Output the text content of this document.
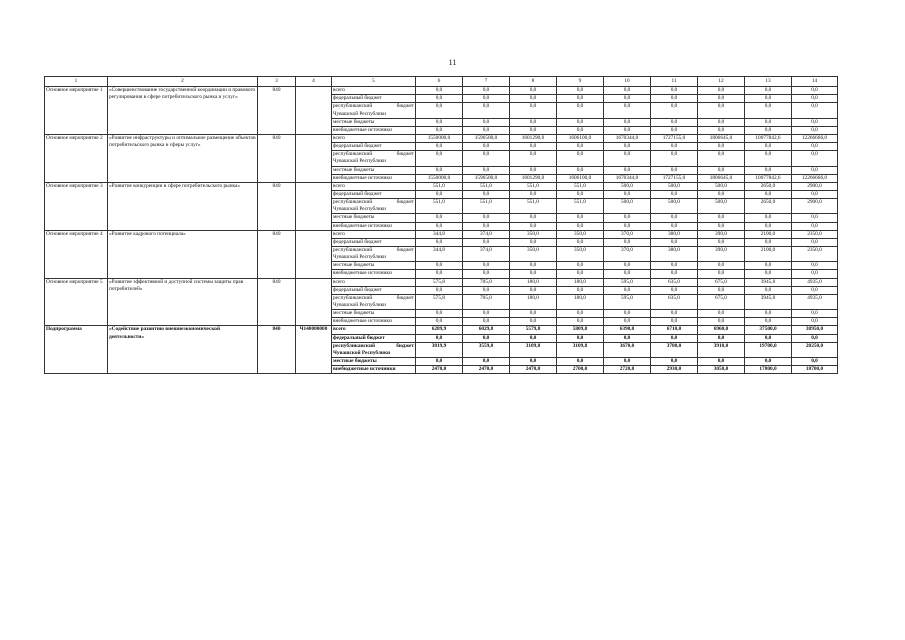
11
1	2	3	4	5	6	7	8	9	10	11	12	13	14
Основное мероприятие 1	«Совершенствование государственной координации и правового регулирования в сфере потребительского рынка и услуг»	840		всего	0,0	0,0	0,0	0,0	0,0	0,0	0,0	0,0	0,0
				федеральный бюджет	0,0	0,0	0,0	0,0	0,0	0,0	0,0	0,0	0,0
				республиканский бюджет Чувашской Республики	0,0	0,0	0,0	0,0	0,0	0,0	0,0	0,0	0,0
				местные бюджеты	0,0	0,0	0,0	0,0	0,0	0,0	0,0	0,0	0,0
				внебюджетные источники	0,0	0,0	0,0	0,0	0,0	0,0	0,0	0,0	0,0
Основное мероприятие 2	«Развитие инфраструктуры и оптимальное размещение объектов потребительского рынка и сферы услуг»	840		всего	1550000,0	1596500,0	1601290,0	1606100,0	1670344,0	1727155,0	1806645,0	10077842,6	12266666,0
				федеральный бюджет	0,0	0,0	0,0	0,0	0,0	0,0	0,0	0,0	0,0
				республиканский бюджет Чувашской Республики	0,0	0,0	0,0	0,0	0,0	0,0	0,0	0,0	0,0
				местные бюджеты	0,0	0,0	0,0	0,0	0,0	0,0	0,0	0,0	0,0
				внебюджетные источники	1550000,0	1596500,0	1601290,0	1606100,0	1670344,0	1727155,0	1806645,0	10077842,6	12266666,0
Основное мероприятие 3	«Развитие конкуренции в сфере потребительского рынка»	840		всего	551,0	551,0	551,0	551,0	500,0	500,0	500,0	2650,0	2900,0
				федеральный бюджет	0,0	0,0	0,0	0,0	0,0	0,0	0,0	0,0	0,0
				республиканский бюджет Чувашской Республики	551,0	551,0	551,0	551,0	500,0	500,0	500,0	2650,0	2900,0
				местные бюджеты	0,0	0,0	0,0	0,0	0,0	0,0	0,0	0,0	0,0
				внебюджетные источники	0,0	0,0	0,0	0,0	0,0	0,0	0,0	0,0	0,0
Основное мероприятие 4	«Развитие кадрового потенциала»	840		всего	344,8	374,0	350,0	350,0	370,0	380,0	390,0	2100,0	2350,0
				федеральный бюджет	0,0	0,0	0,0	0,0	0,0	0,0	0,0	0,0	0,0
				республиканский бюджет Чувашской Республики	344,8	374,0	350,0	350,0	370,0	380,0	390,0	2100,0	2350,0
				местные бюджеты	0,0	0,0	0,0	0,0	0,0	0,0	0,0	0,0	0,0
				внебюджетные источники	0,0	0,0	0,0	0,0	0,0	0,0	0,0	0,0	0,0
Основное мероприятие 5	«Развитие эффективной и доступной системы защиты прав потребителей»	840		всего	575,8	705,0	180,0	180,0	595,0	635,0	675,0	3945,0	4935,0
				федеральный бюджет	0,0	0,0	0,0	0,0	0,0	0,0	0,0	0,0	0,0
				республиканский бюджет Чувашской Республики	575,8	705,0	180,0	180,0	595,0	635,0	675,0	3945,0	4935,0
				местные бюджеты	0,0	0,0	0,0	0,0	0,0	0,0	0,0	0,0	0,0
				внебюджетные источники	0,0	0,0	0,0	0,0	0,0	0,0	0,0	0,0	0,0
Подпрограмма	«Содействие развитию внешнеэкономической деятельности»	840	Ч140000000	всего	6289,9	6029,8	5579,8	5809,8	6390,0	6710,0	6960,0	37500,0	38950,0
				федеральный бюджет	0,0	0,0	0,0	0,0	0,0	0,0	0,0	0,0	0,0
				республиканский бюджет Чувашской Республики	3819,9	3559,8	3109,8	3109,8	3670,0	3780,0	3910,0	19700,0	20250,0
				местные бюджеты	0,0	0,0	0,0	0,0	0,0	0,0	0,0	0,0	0,0
				внебюджетные источники	2470,0	2470,0	2470,0	2700,0	2720,0	2930,0	3050,0	17800,0	18700,0
